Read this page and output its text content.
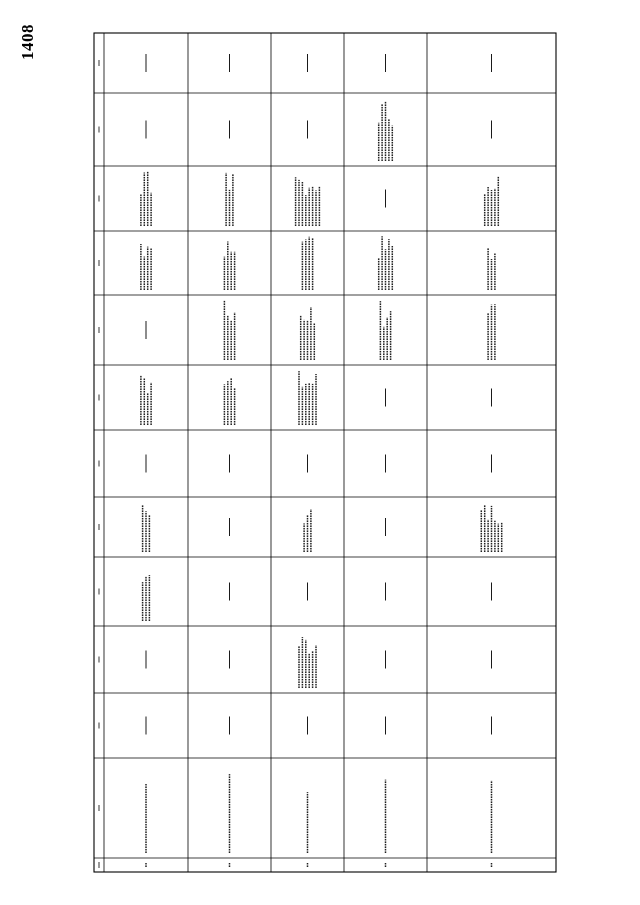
1408
